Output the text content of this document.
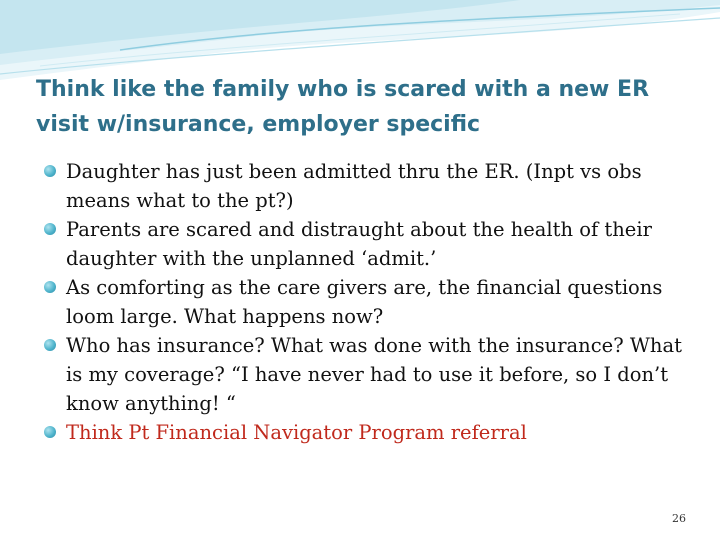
Think like the family who is scared with a new ER visit w/insurance, employer specific
Daughter has just been admitted thru the ER. (Inpt vs obs means what to the pt?)
Parents are scared and distraught about the health of their daughter with the unplanned ‘admit.’
As comforting as the care givers are, the financial questions loom large. What happens now?
Who has insurance? What was done with the insurance? What is my coverage? “I have never had to use it before, so I don’t know anything! “
Think Pt Financial Navigator Program referral
26
